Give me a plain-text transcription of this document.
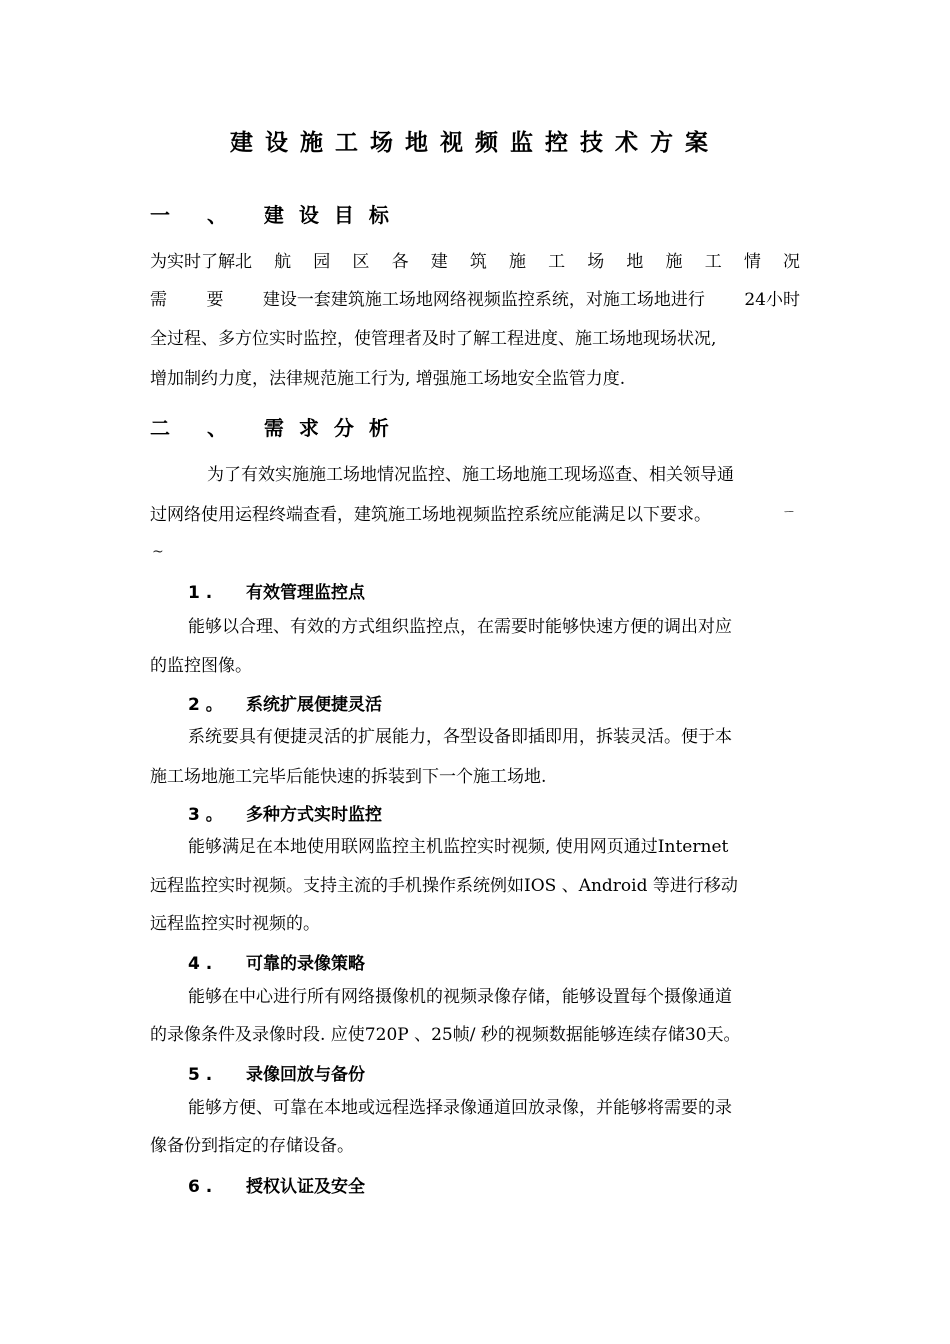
建设施工场地视频监控技术方案
一 、 建设目标
为实时了解北 航 园 区 各 建 筑 施 工 场 地 施 工 情 况
需 要 建设一套建筑施工场地网络视频监控系统，对施工场地进行 24小时
全过程、多方位实时监控，使管理者及时了解工程进度、施工场地现场状况,
增加制约力度，法律规范施工行为, 增强施工场地安全监管力度.
二 、 需求分析
为了有效实施施工场地情况监控、施工场地施工现场巡查、相关领导通
过网络使用运程终端查看，建筑施工场地视频监控系统应能满足以下要求。	ㄧ
~
1 . 有效管理监控点
能够以合理、有效的方式组织监控点，在需要时能够快速方便的调出对应
的监控图像。
2 。 系统扩展便捷灵活
系统要具有便捷灵活的扩展能力，各型设备即插即用，拆装灵活。便于本
施工场地施工完毕后能快速的拆装到下一个施工场地.
3 。 多种方式实时监控
能够满足在本地使用联网监控主机监控实时视频, 使用网页通过Internet
远程监控实时视频。支持主流的手机操作系统例如IOS 、Android 等进行移动
远程监控实时视频的。
4 . 可靠的录像策略
能够在中心进行所有网络摄像机的视频录像存储，能够设置每个摄像通道
的录像条件及录像时段. 应使720P 、25帧/ 秒的视频数据能够连续存储30天。
5 . 录像回放与备份
能够方便、可靠在本地或远程选择录像通道回放录像，并能够将需要的录
像备份到指定的存储设备。
6 . 授权认证及安全
